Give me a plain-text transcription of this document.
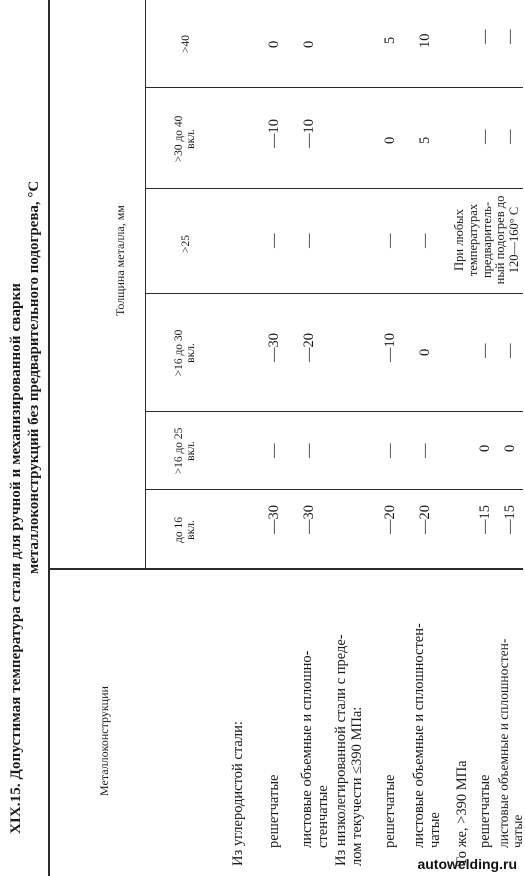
XIX.15. Допустимая температура стали для ручной и механизированной сварки металлоконструкций без предварительного подогрева, °C
Металлоконструкции
Толщина металла, мм
до 16 вкл.
>16 до 25 вкл.
>16 до 30 вкл.
>25
>30 до 40 вкл.
>40
Из углеродистой стали: решетчатые листовые объемные и сплошно- стенчатые Из низколегированной стали с преде- лом текучести ≤390 МПа: решетчатые листовые объемные и сплошностен- чатые
—30
—
—30
—
—10
0
—30
—
—20
—
—10
0
—20
—
—10
—
0
5
—20
—
0
—
5
10
То же, >390 МПа решетчатые листовые объемные и сплошностен- чатые
—15
0
—
—
—
—15
0
—
—
—
При любых температурах предваритель-ный подогрев до 120—160° С
autowelding.ru
